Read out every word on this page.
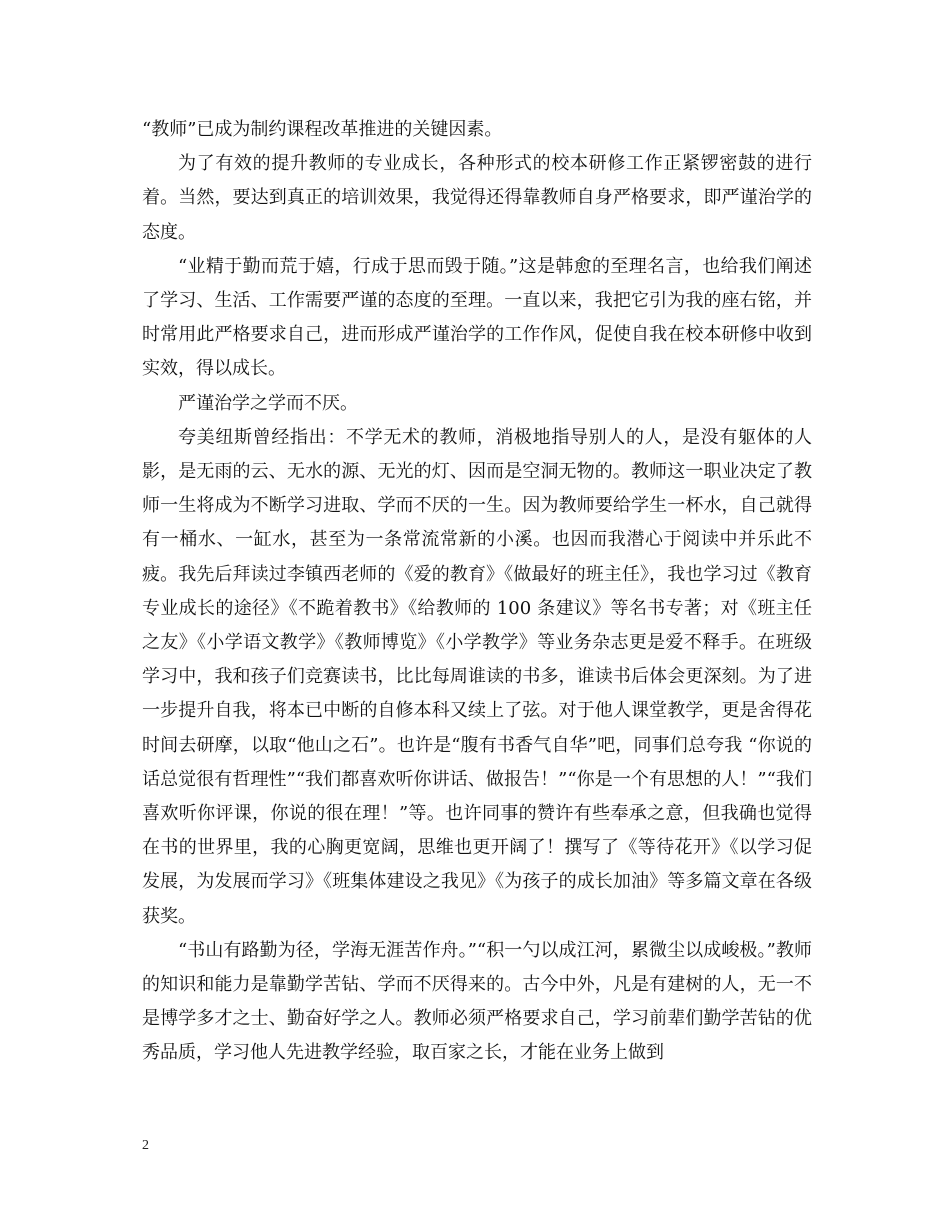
“教师”已成为制约课程改革推进的关键因素。

为了有效的提升教师的专业成长，各种形式的校本研修工作正紧锣密鼓的进行着。当然，要达到真正的培训效果，我觉得还得靠教师自身严格要求，即严谨治学的态度。

“业精于勤而荒于嬉，行成于思而毁于随。”这是韩愈的至理名言，也给我们阐述了学习、生活、工作需要严谨的态度的至理。一直以来，我把它引为我的座右铭，并时常用此严格要求自己，进而形成严谨治学的工作作风，促使自我在校本研修中收到实效，得以成长。

严谨治学之学而不厌。

夸美纽斯曾经指出：不学无术的教师，消极地指导别人的人，是没有躯体的人影，是无雨的云、无水的源、无光的灯、因而是空洞无物的。教师这一职业决定了教师一生将成为不断学习进取、学而不厌的一生。因为教师要给学生一杯水，自己就得有一桶水、一缸水，甚至为一条常流常新的小溪。也因而我潜心于阅读中并乐此不疲。我先后拜读过李镇西老师的《爱的教育》《做最好的班主任》，我也学习过《教育专业成长的途径》《不跪着教书》《给教师的 100 条建议》等名书专著；对《班主任之友》《小学语文教学》《教师博览》《小学教学》等业务杂志更是爱不释手。在班级学习中，我和孩子们竞赛读书，比比每周谁读的书多，谁读书后体会更深刻。为了进一步提升自我，将本已中断的自修本科又续上了弦。对于他人课堂教学，更是舍得花时间去研摩，以取“他山之石”。也许是“腹有书香气自华”吧，同事们总夸我 “你说的话总觉很有哲理性”“我们都喜欢听你讲话、做报告！”“你是一个有思想的人！”“我们喜欢听你评课，你说的很在理！”等。也许同事的赞许有些奉承之意，但我确也觉得在书的世界里，我的心胸更宽阔，思维也更开阔了！撰写了《等待花开》《以学习促发展，为发展而学习》《班集体建设之我见》《为孩子的成长加油》等多篇文章在各级获奖。

“书山有路勤为径，学海无涯苦作舟。”“积一勺以成江河，累微尘以成峻极。”教师的知识和能力是靠勤学苦钻、学而不厌得来的。古今中外，凡是有建树的人，无一不是博学多才之士、勤奋好学之人。教师必须严格要求自己，学习前辈们勤学苦钻的优秀品质，学习他人先进教学经验，取百家之长，才能在业务上做到

2
